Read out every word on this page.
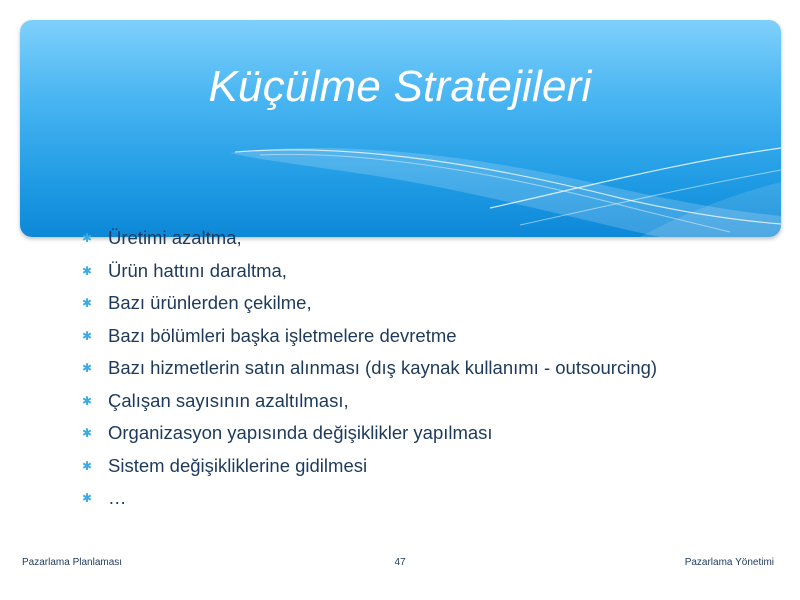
Küçülme Stratejileri
✱ Üretimi azaltma,
✱ Ürün hattını daraltma,
✱ Bazı ürünlerden çekilme,
✱ Bazı bölümleri başka işletmelere devretme
✱ Bazı hizmetlerin satın alınması (dış kaynak kullanımı - outsourcing)
✱ Çalışan sayısının azaltılması,
✱ Organizasyon yapısında değişiklikler yapılması
✱ Sistem değişikliklerine gidilmesi
✱ …
Pazarlama Planlaması	47	Pazarlama Yönetimi
